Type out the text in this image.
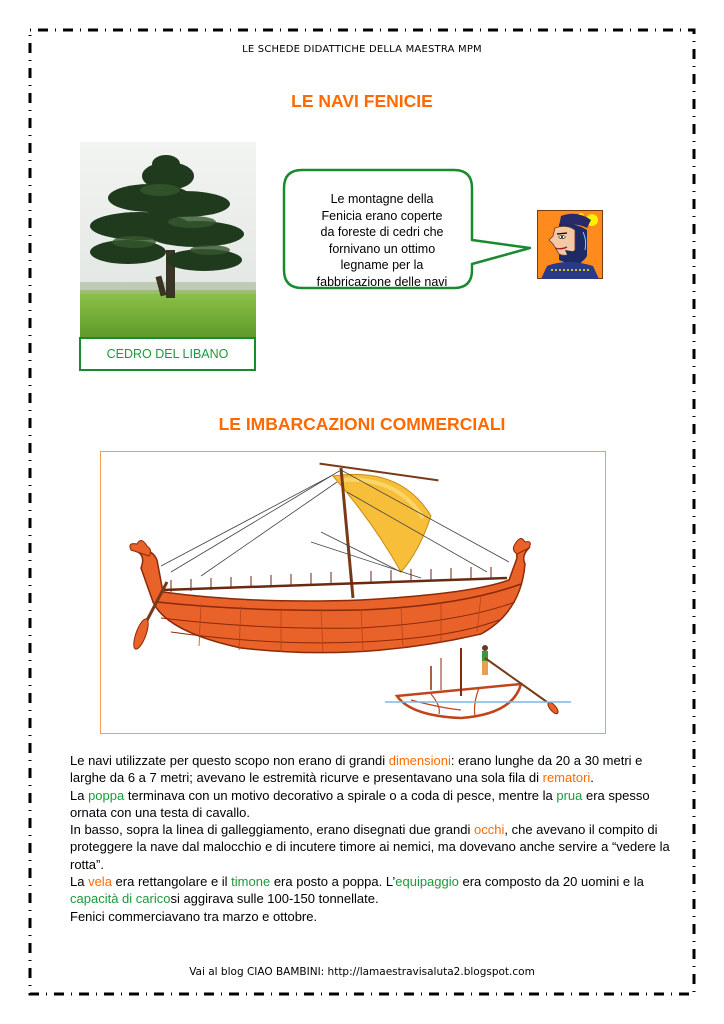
LE SCHEDE DIDATTICHE DELLA MAESTRA MPM
LE NAVI FENICIE
CEDRO DEL LIBANO
Le montagne della
Fenicia erano coperte
da foreste di cedri che
fornivano un ottimo
legname per la
fabbricazione delle navi
LE IMBARCAZIONI COMMERCIALI

Le navi utilizzate per questo scopo non erano di grandi dimensioni: erano lunghe da 20 a 30 metri e larghe da 6 a 7 metri; avevano le estremità ricurve e presentavano una sola fila di rematori.

La poppa terminava con un motivo decorativo a spirale o a coda di pesce, mentre la prua era spesso ornata con una testa di cavallo.

In basso, sopra la linea di galleggiamento, erano disegnati due grandi occhi, che avevano il compito di proteggere la nave dal malocchio e di incutere timore ai nemici, ma dovevano anche servire a “vedere la rotta”.

La vela era rettangolare e il timone era posto a poppa. L’equipaggio era composto da 20 uomini e la capacità di caricosi aggirava sulle 100-150 tonnellate.

Fenici commerciavano tra marzo e ottobre.

Vai al blog CIAO BAMBINI: http://lamaestravisaluta2.blogspot.com
